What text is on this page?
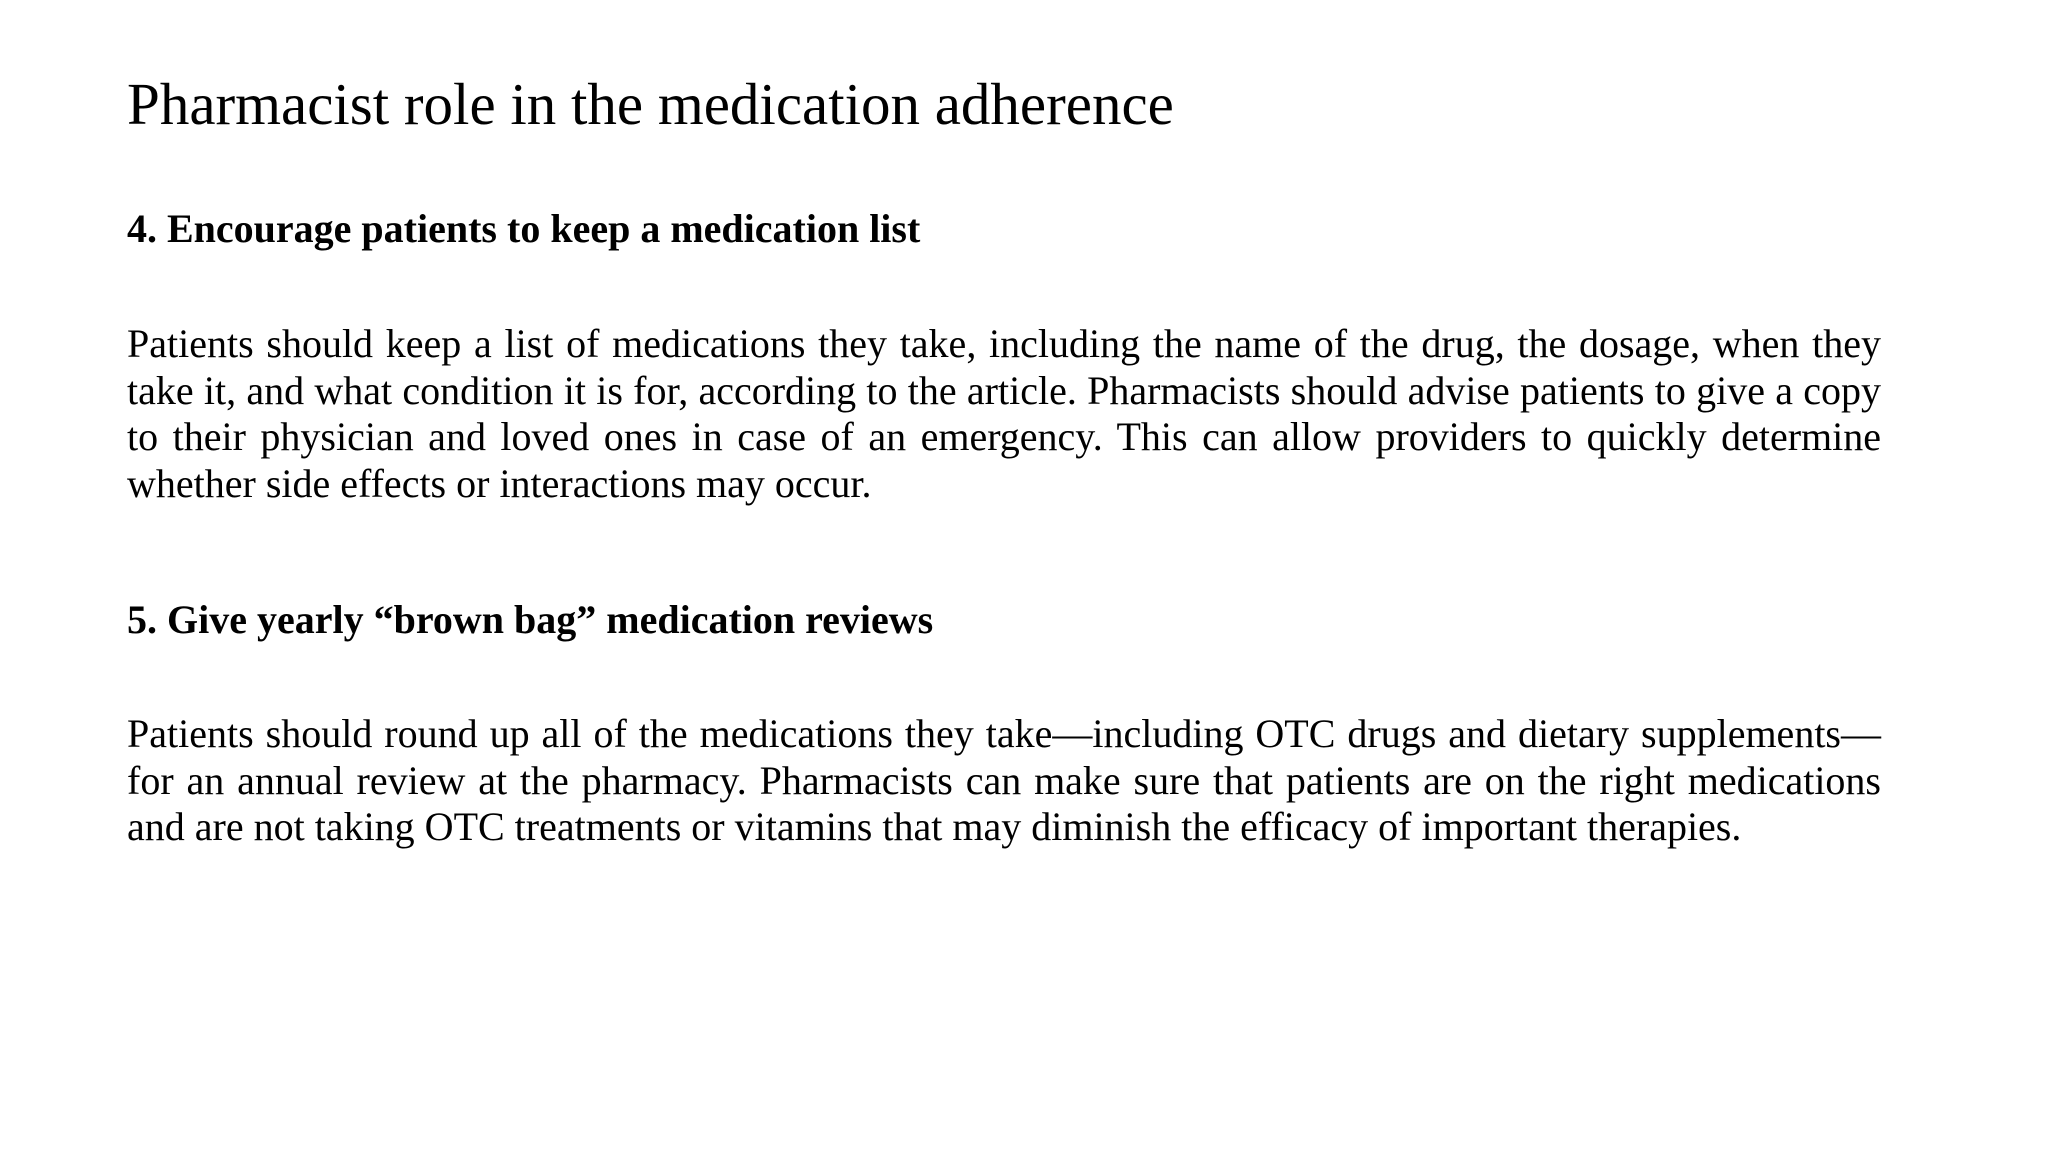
Pharmacist role in the medication adherence
4. Encourage patients to keep a medication list

Patients should keep a list of medications they take, including the name of the drug, the dosage, when they take it, and what condition it is for, according to the article. Pharmacists should advise patients to give a copy to their physician and loved ones in case of an emergency. This can allow providers to quickly determine whether side effects or interactions may occur.

5. Give yearly “brown bag” medication reviews

Patients should round up all of the medications they take—including OTC drugs and dietary supplements—for an annual review at the pharmacy. Pharmacists can make sure that patients are on the right medications and are not taking OTC treatments or vitamins that may diminish the efficacy of important therapies.
